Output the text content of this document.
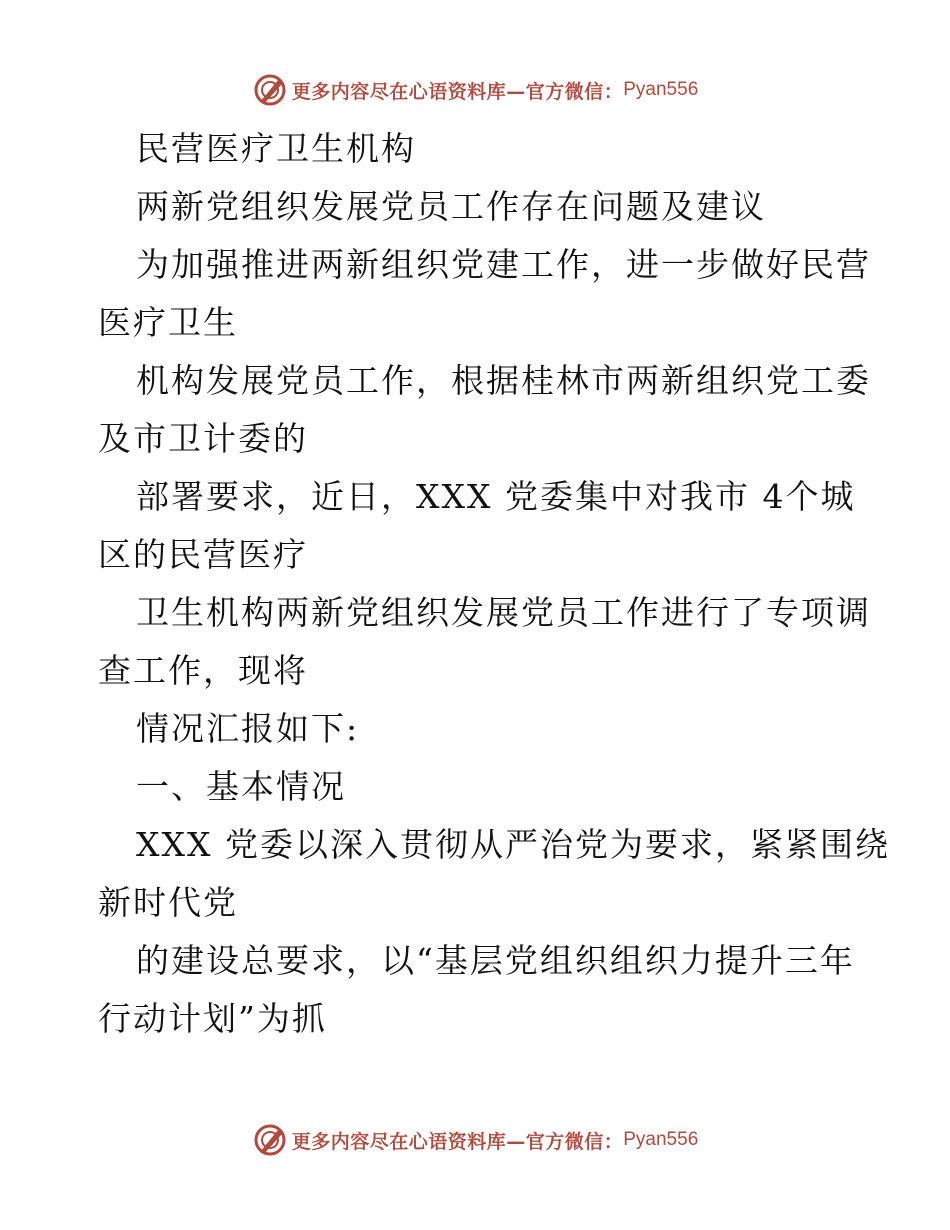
更多内容尽在心语资料库—官方微信： Pyan556
民营医疗卫生机构
两新党组织发展党员工作存在问题及建议
为加强推进两新组织党建工作，进一步做好民营
医疗卫生
机构发展党员工作，根据桂林市两新组织党工委
及市卫计委的
部署要求，近日，XXX 党委集中对我市 4个城
区的民营医疗
卫生机构两新党组织发展党员工作进行了专项调
查工作，现将
情况汇报如下:
一、基本情况
XXX 党委以深入贯彻从严治党为要求，紧紧围绕
新时代党
的建设总要求，以“基层党组织组织力提升三年
行动计划”为抓
更多内容尽在心语资料库—官方微信： Pyan556
